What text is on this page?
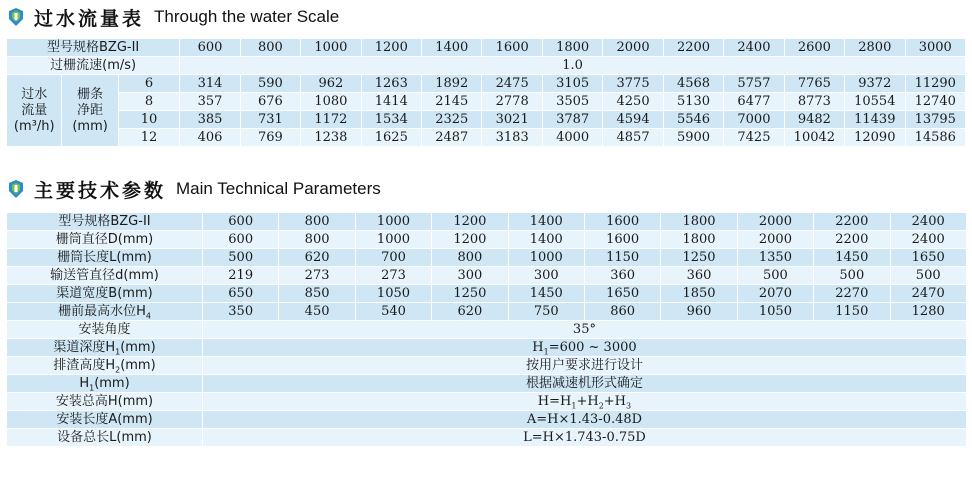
过水流量表 Through the water Scale
型号规格BZG-II			600	800	1000	1200	1400	1600	1800	2000	2200	2400	2600	2800	3000
过栅流速(m/s)			1.0												
过水
流量
(m³/h)	栅条
净距
(mm)	6	314	590	962	1263	1892	2475	3105	3775	4568	5757	7765	9372	11290
		8	357	676	1080	1414	2145	2778	3505	4250	5130	6477	8773	10554	12740
		10	385	731	1172	1534	2325	3021	3787	4594	5546	7000	9482	11439	13795
		12	406	769	1238	1625	2487	3183	4000	4857	5900	7425	10042	12090	14586
主要技术参数 Main Technical Parameters
型号规格BZG-II	600	800	1000	1200	1400	1600	1800	2000	2200	2400
栅筒直径D(mm)	600	800	1000	1200	1400	1600	1800	2000	2200	2400
栅筒长度L(mm)	500	620	700	800	1000	1150	1250	1350	1450	1650
输送管直径d(mm)	219	273	273	300	300	360	360	500	500	500
渠道宽度B(mm)	650	850	1050	1250	1450	1650	1850	2070	2270	2470
栅前最高水位$H_4$	350	450	540	620	750	860	960	1050	1150	1280
安装角度	35°									
渠道深度$H_1(mm)$	$H_1=600$ ~ 3000									
排渣高度$H_2(mm)$	按用户要求进行设计									
$H_1(mm)$	根据减速机形式确定									
安装总高H(mm)	$H=H_1+H_2+H_3$
安装长度A(mm)	A=H×1.43-0.48D									
设备总长L(mm)	L=H×1.743-0.75D									
